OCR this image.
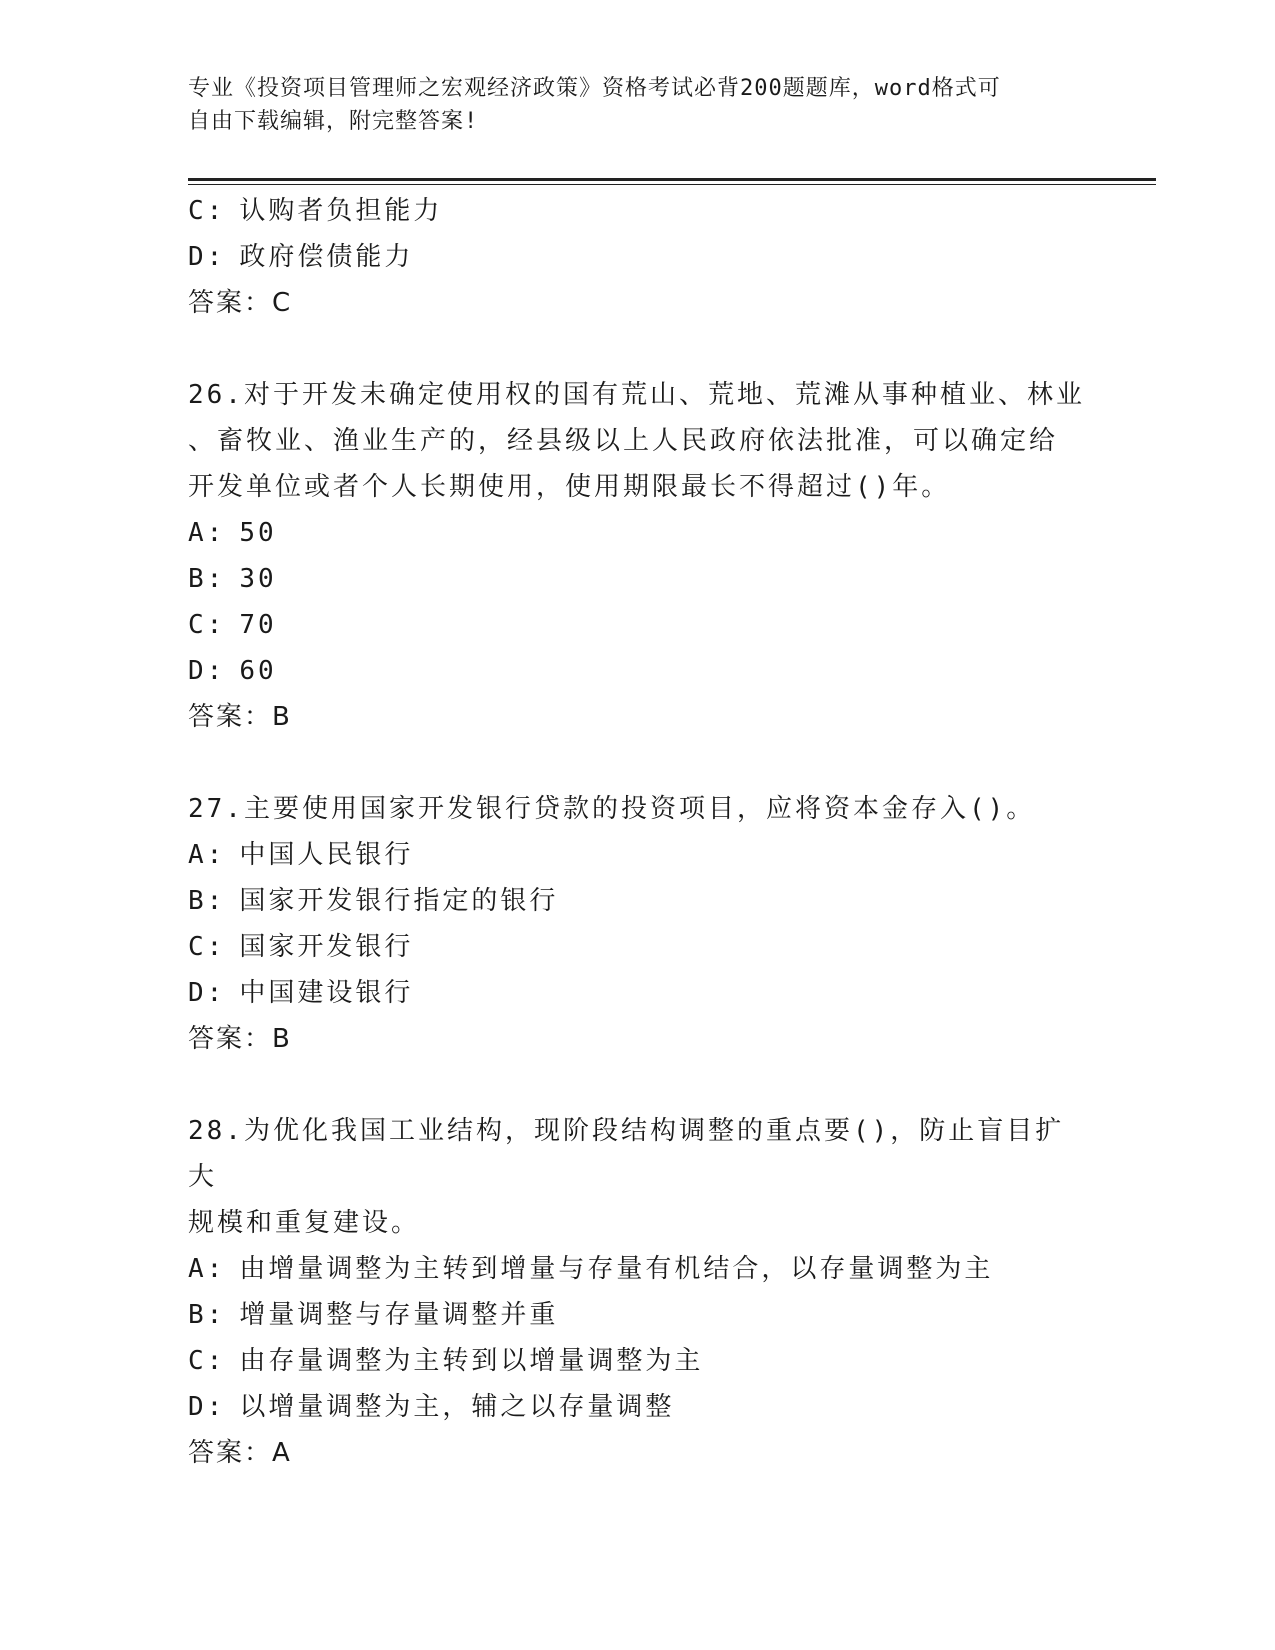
专业《投资项目管理师之宏观经济政策》资格考试必背200题题库，word格式可
自由下载编辑，附完整答案!
C: 认购者负担能力
D: 政府偿债能力
答案：C
26.对于开发未确定使用权的国有荒山、荒地、荒滩从事种植业、林业
、畜牧业、渔业生产的，经县级以上人民政府依法批准，可以确定给
开发单位或者个人长期使用，使用期限最长不得超过()年。
A: 50
B: 30
C: 70
D: 60
答案：B
27.主要使用国家开发银行贷款的投资项目，应将资本金存入()。
A: 中国人民银行
B: 国家开发银行指定的银行
C: 国家开发银行
D: 中国建设银行
答案：B
28.为优化我国工业结构，现阶段结构调整的重点要()，防止盲目扩大
规模和重复建设。
A: 由增量调整为主转到增量与存量有机结合，以存量调整为主
B: 增量调整与存量调整并重
C: 由存量调整为主转到以增量调整为主
D: 以增量调整为主，辅之以存量调整
答案：A
